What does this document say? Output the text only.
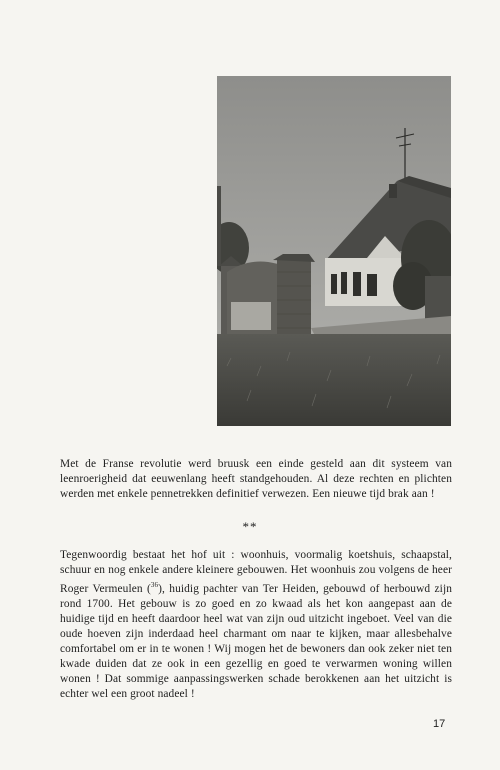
Met de Franse revolutie werd bruusk een einde gesteld aan dit systeem van leenroerigheid dat eeuwenlang heeft standgehouden. Al deze rechten en plichten werden met enkele pennetrekken definitief verwezen. Een nieuwe tijd brak aan !

**

Tegenwoordig bestaat het hof uit : woonhuis, voormalig koetshuis, schaapstal, schuur en nog enkele andere kleinere gebouwen. Het woonhuis zou volgens de heer Roger Vermeulen ($^{36}$), huidig pachter van Ter Heiden, gebouwd of herbouwd zijn rond 1700. Het gebouw is zo goed en zo kwaad als het kon aangepast aan de huidige tijd en heeft daardoor heel wat van zijn oud uitzicht ingeboet. Veel van die oude hoeven zijn inderdaad heel charmant om naar te kijken, maar allesbehalve comfortabel om er in te wonen ! Wij mogen het de bewoners dan ook zeker niet ten kwade duiden dat ze ook in een gezellig en goed te verwarmen woning willen wonen ! Dat sommige aanpassingswerken schade berokkenen aan het uitzicht is echter wel een groot nadeel !

17
